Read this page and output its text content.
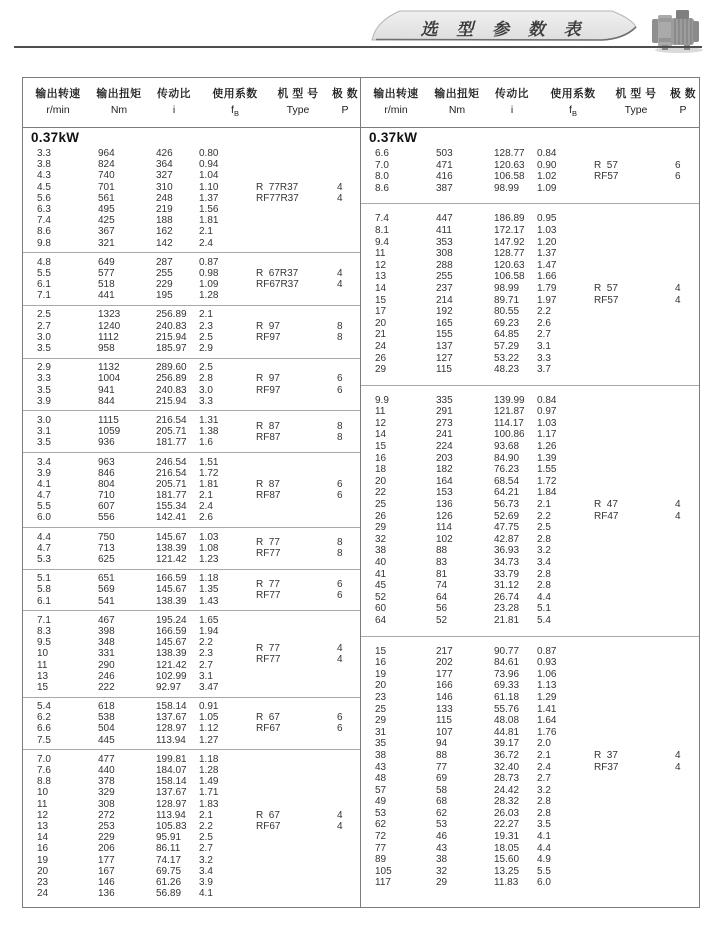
选 型 参 数 表
输出转速	输出扭矩	传动比	使用系数	机 型 号	极 数
r/min	Nm	i	$f_B$	Type	P
0.37kW
3.3	964	426	0.80
3.8	824	364	0.94
4.3	740	327	1.04
4.5	701	310	1.10
5.6	561	248	1.37
6.3	495	219	1.56
7.4	425	188	1.81
8.6	367	162	2.1
9.8	321	142	2.4
R  77R37	4
RF77R37	4
4.8	649	287	0.87
5.5	577	255	0.98
6.1	518	229	1.09
7.1	441	195	1.28
R  67R37	4
RF67R37	4
2.5	1323	256.89	2.1
2.7	1240	240.83	2.3
3.0	1112	215.94	2.5
3.5	958	185.97	2.9
R  97	8
RF97	8
2.9	1132	289.60	2.5
3.3	1004	256.89	2.8
3.5	941	240.83	3.0
3.9	844	215.94	3.3
R  97	6
RF97	6
3.0	1115	216.54	1.31
3.1	1059	205.71	1.38
3.5	936	181.77	1.6
R  87	8
RF87	8
3.4	963	246.54	1.51
3.9	846	216.54	1.72
4.1	804	205.71	1.81
4.7	710	181.77	2.1
5.5	607	155.34	2.4
6.0	556	142.41	2.6
R  87	6
RF87	6
4.4	750	145.67	1.03
4.7	713	138.39	1.08
5.3	625	121.42	1.23
R  77	8
RF77	8
5.1	651	166.59	1.18
5.8	569	145.67	1.35
6.1	541	138.39	1.43
R  77	6
RF77	6
7.1	467	195.24	1.65
8.3	398	166.59	1.94
9.5	348	145.67	2.2
10	331	138.39	2.3
11	290	121.42	2.7
13	246	102.99	3.1
15	222	92.97	3.47
R  77	4
RF77	4
5.4	618	158.14	0.91
6.2	538	137.67	1.05
6.6	504	128.97	1.12
7.5	445	113.94	1.27
R  67	6
RF67	6
7.0	477	199.81	1.18
7.6	440	184.07	1.28
8.8	378	158.14	1.49
10	329	137.67	1.71
11	308	128.97	1.83
12	272	113.94	2.1
13	253	105.83	2.2
14	229	95.91	2.5
16	206	86.11	2.7
19	177	74.17	3.2
20	167	69.75	3.4
23	146	61.26	3.9
24	136	56.89	4.1
R  67	4
RF67	4
输出转速	输出扭矩	传动比	使用系数	机 型 号	极 数
r/min	Nm	i	$f_B$	Type	P
0.37kW
6.6	503	128.77	0.84
7.0	471	120.63	0.90
8.0	416	106.58	1.02
8.6	387	98.99	1.09
R  57	6
RF57	6
7.4	447	186.89	0.95
8.1	411	172.17	1.03
9.4	353	147.92	1.20
11	308	128.77	1.37
12	288	120.63	1.47
13	255	106.58	1.66
14	237	98.99	1.79
15	214	89.71	1.97
17	192	80.55	2.2
20	165	69.23	2.6
21	155	64.85	2.7
24	137	57.29	3.1
26	127	53.22	3.3
29	115	48.23	3.7
R  57	4
RF57	4
9.9	335	139.99	0.84
11	291	121.87	0.97
12	273	114.17	1.03
14	241	100.86	1.17
15	224	93.68	1.26
16	203	84.90	1.39
18	182	76.23	1.55
20	164	68.54	1.72
22	153	64.21	1.84
25	136	56.73	2.1
26	126	52.69	2.2
29	114	47.75	2.5
32	102	42.87	2.8
38	88	36.93	3.2
40	83	34.73	3.4
41	81	33.79	2.8
45	74	31.12	2.8
52	64	26.74	4.4
60	56	23.28	5.1
64	52	21.81	5.4
R  47	4
RF47	4
15	217	90.77	0.87
16	202	84.61	0.93
19	177	73.96	1.06
20	166	69.33	1.13
23	146	61.18	1.29
25	133	55.76	1.41
29	115	48.08	1.64
31	107	44.81	1.76
35	94	39.17	2.0
38	88	36.72	2.1
43	77	32.40	2.4
48	69	28.73	2.7
57	58	24.42	3.2
49	68	28.32	2.8
53	62	26.03	2.8
62	53	22.27	3.5
72	46	19.31	4.1
77	43	18.05	4.4
89	38	15.60	4.9
105	32	13.25	5.5
117	29	11.83	6.0
R  37	4
RF37	4
